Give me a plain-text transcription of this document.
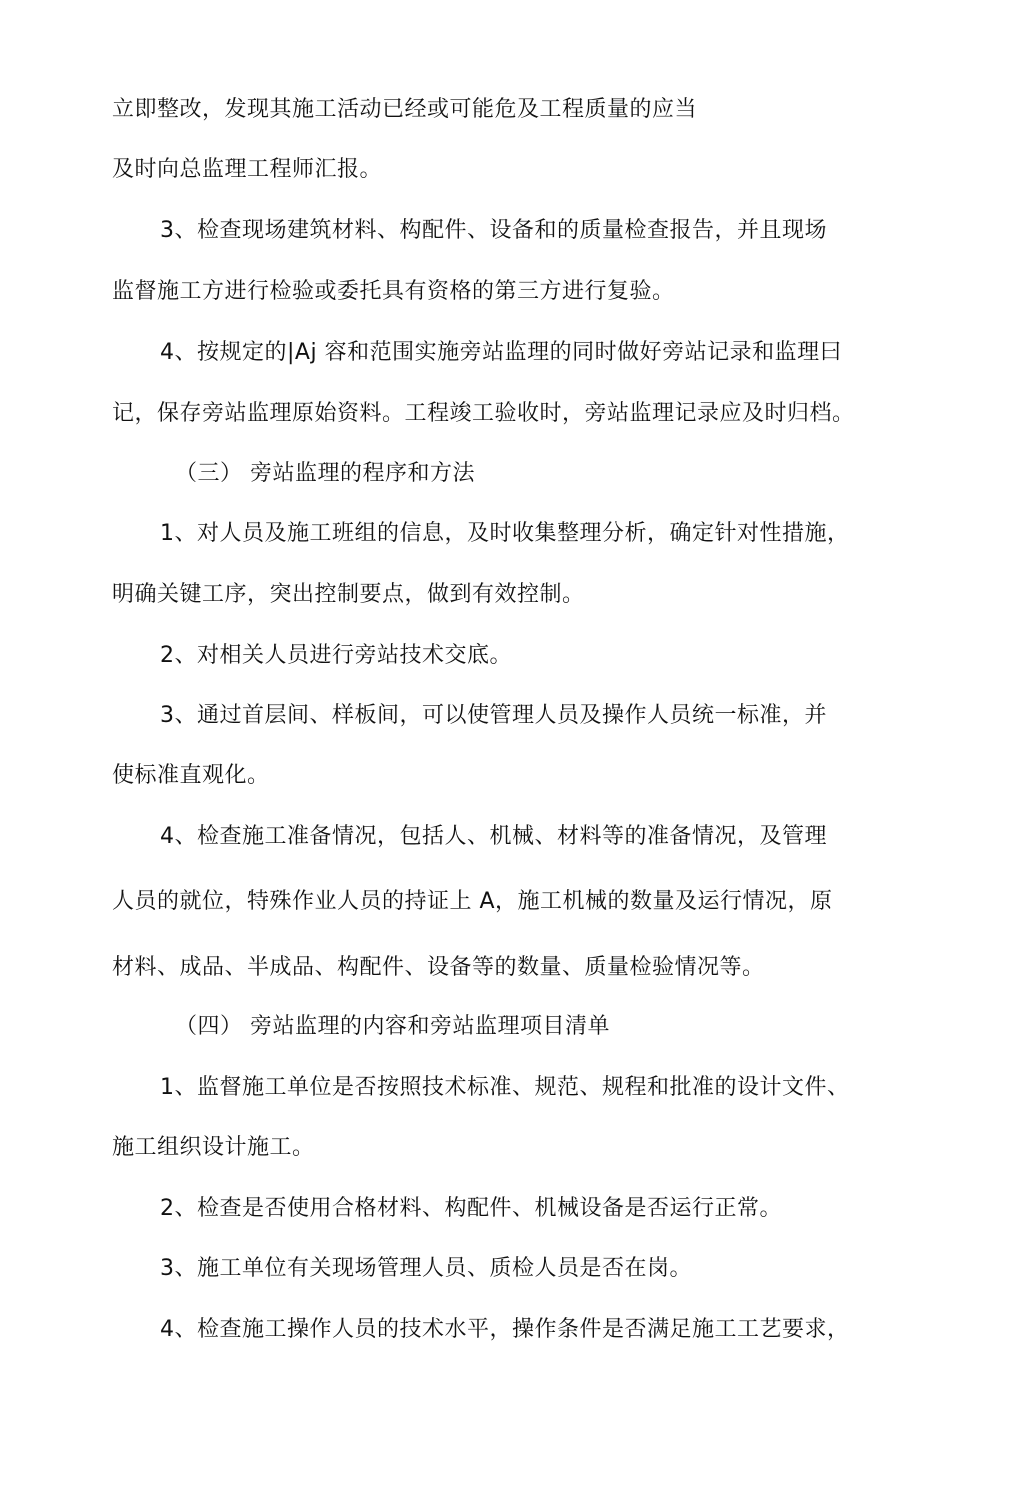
立即整改，发现其施工活动已经或可能危及工程质量的应当
及时向总监理工程师汇报。
3、检查现场建筑材料、构配件、设备和的质量检查报告，并且现场
监督施工方进行检验或委托具有资格的第三方进行复验。
4、按规定的|Aj 容和范围实施旁站监理的同时做好旁站记录和监理曰
记，保存旁站监理原始资料。工程竣工验收时，旁站监理记录应及时归档。
（三） 旁站监理的程序和方法
1、对人员及施工班组的信息，及时收集整理分析，确定针对性措施，
明确关键工序，突出控制要点，做到有效控制。
2、对相关人员进行旁站技术交底。
3、通过首层间、样板间，可以使管理人员及操作人员统一标准，并
使标准直观化。
4、检查施工准备情况，包括人、机械、材料等的准备情况，及管理
人员的就位，特殊作业人员的持证上 A，施工机械的数量及运行情况，原
材料、成品、半成品、构配件、设备等的数量、质量检验情况等。
（四） 旁站监理的内容和旁站监理项目清单
1、监督施工单位是否按照技术标准、规范、规程和批准的设计文件、
施工组织设计施工。
2、检查是否使用合格材料、构配件、机械设备是否运行正常。
3、施工单位有关现场管理人员、质检人员是否在岗。
4、检查施工操作人员的技术水平，操作条件是否满足施工工艺要求，
